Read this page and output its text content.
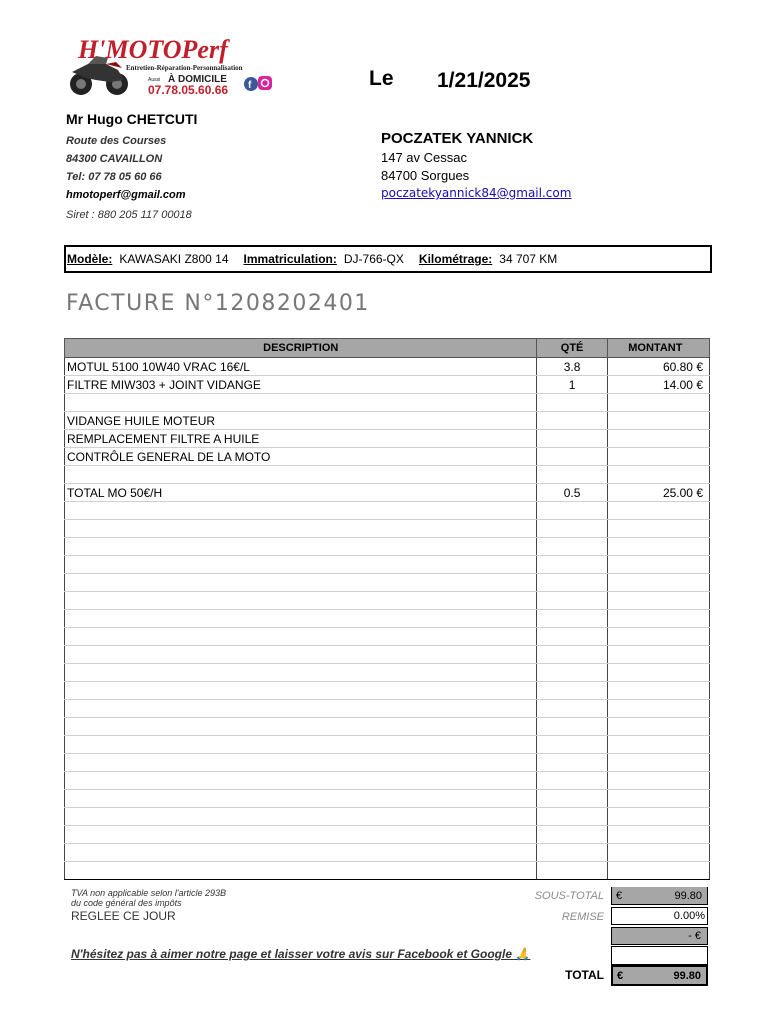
H'MOTOPerf
Entretien-Réparation-Personnalisation
Aussi À DOMICILE
07.78.05.60.66 f	Le 1/21/2025
Mr Hugo CHETCUTI
Route des Courses
84300 CAVAILLON
Tel: 07 78 05 60 66
hmotoperf@gmail.com
Siret : 880 205 117 00018
POCZATEK YANNICK
147 av Cessac
84700 Sorgues
poczatekyannick84@gmail.com
Modèle: KAWASAKI Z800 14 Immatriculation: DJ-766-QX Kilométrage: 34 707 KM
FACTURE N°1208202401
DESCRIPTION	QTÉ	MONTANT
MOTUL 5100 10W40 VRAC 16€/L	3.8	60.80 €
FILTRE MIW303 + JOINT VIDANGE	1	14.00 €

VIDANGE HUILE MOTEUR		
REMPLACEMENT FILTRE A HUILE		
CONTRÔLE GENERAL DE LA MOTO		

TOTAL MO 50€/H	0.5	25.00 €

TVA non applicable selon l'article 293B
du code général des impôts
REGLEE CE JOUR
N'hésitez pas à aimer notre page et laisser votre avis sur Facebook et Google 🙏
SOUS-TOTAL	€	99.80
REMISE	0.00%
- €
TOTAL	€	99.80
